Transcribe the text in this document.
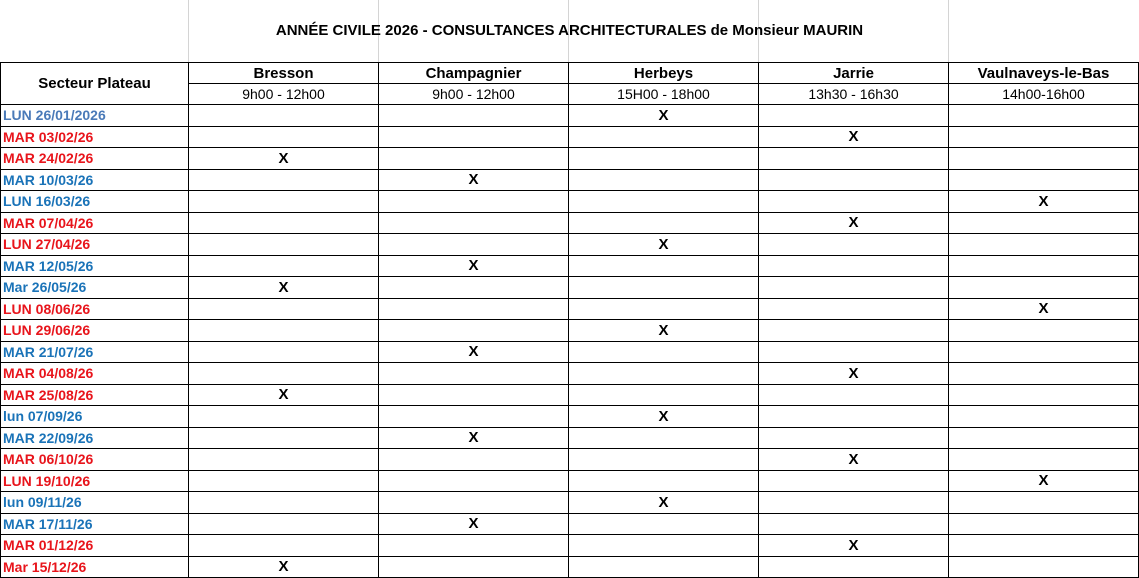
ANNÉE CIVILE 2026 - CONSULTANCES ARCHITECTURALES de Monsieur MAURIN
Secteur Plateau	Bresson	Champagnier	Herbeys	Jarrie	Vaulnaveys-le-Bas
	9h00 - 12h00	9h00 - 12h00	15H00 - 18h00	13h30 - 16h30	14h00-16h00
LUN 26/01/2026			X		
MAR 03/02/26				X	
MAR 24/02/26	X				
MAR 10/03/26		X			
LUN 16/03/26					X
MAR 07/04/26				X	
LUN 27/04/26			X		
MAR 12/05/26		X			
Mar 26/05/26	X				
LUN 08/06/26					X
LUN 29/06/26			X		
MAR 21/07/26		X			
MAR 04/08/26				X	
MAR 25/08/26	X				
lun 07/09/26			X		
MAR 22/09/26		X			
MAR 06/10/26				X	
LUN 19/10/26					X
lun 09/11/26			X		
MAR 17/11/26		X			
MAR 01/12/26				X	
Mar 15/12/26	X				
